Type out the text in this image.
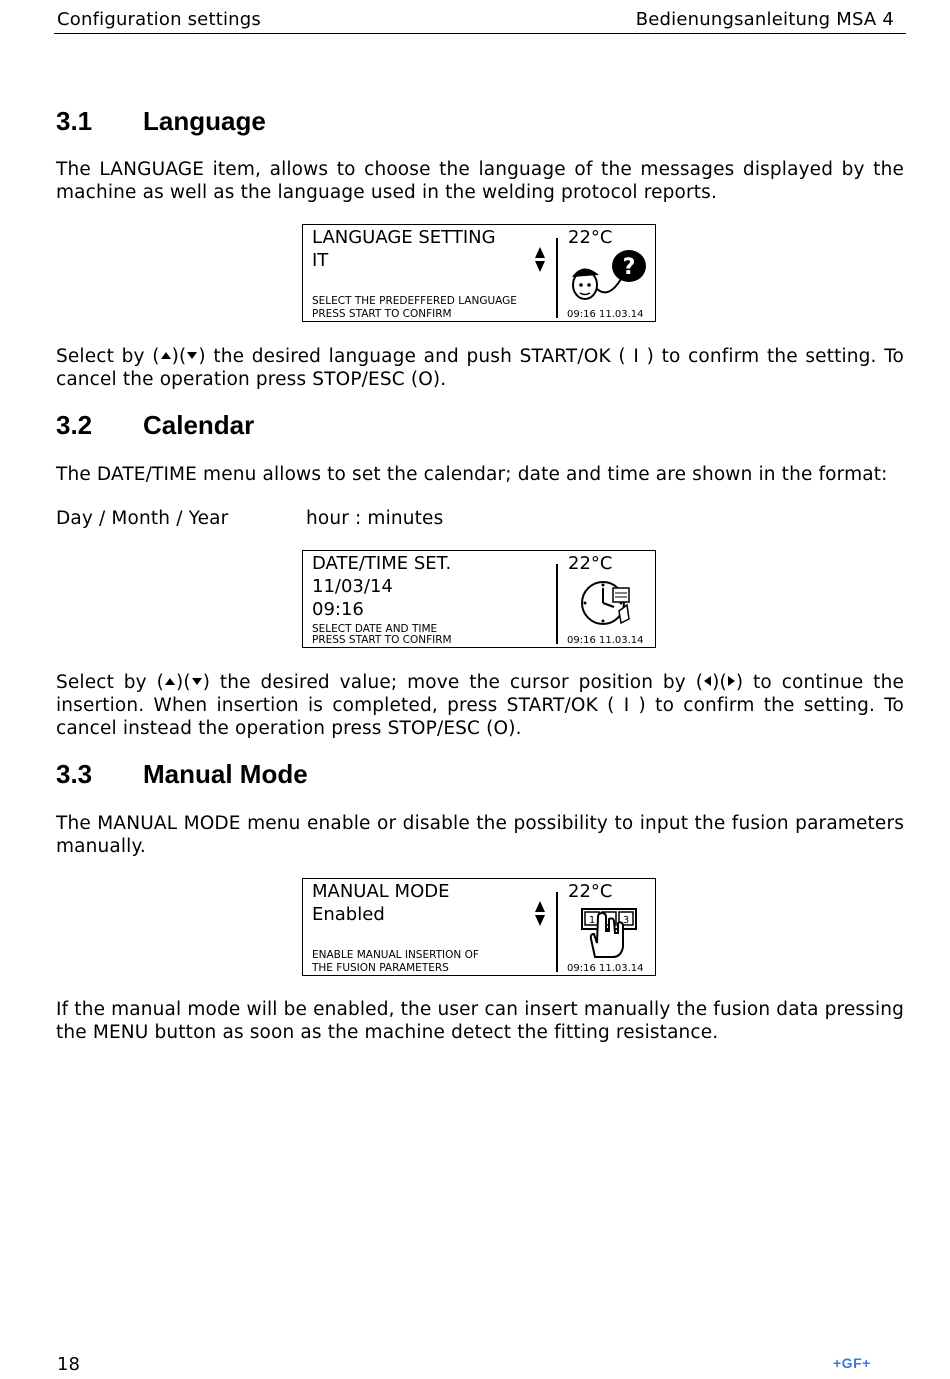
Configuration settings	Bedienungsanleitung MSA 4
3.1 Language
The LANGUAGE item, allows to choose the language of the messages displayed by the machine as well as the language used in the welding protocol reports.
LANGUAGE SETTING
IT
SELECT THE PREDEFFERED LANGUAGE
PRESS START TO CONFIRM
22°C
?
09:16 11.03.14
Select by ( )( ) the desired language and push START/OK ( I ) to confirm the setting. To cancel the operation press STOP/ESC (O).
3.2 Calendar
The DATE/TIME menu allows to set the calendar; date and time are shown in the format:
Day / Month / Year	hour : minutes
DATE/TIME SET.
11/03/14
09:16
SELECT DATE AND TIME
PRESS START TO CONFIRM
22°C
09:16 11.03.14
Select by ( )( ) the desired value; move the cursor position by ( )( ) to continue the insertion. When insertion is completed, press START/OK ( I ) to confirm the setting. To cancel instead the operation press STOP/ESC (O).
3.3 Manual Mode
The MANUAL MODE menu enable or disable the possibility to input the fusion parameters manually.
MANUAL MODE
Enabled
ENABLE MANUAL INSERTION OF
THE FUSION PARAMETERS
22°C
1	3
09:16 11.03.14
If the manual mode will be enabled, the user can insert manually the fusion data pressing the MENU button as soon as the machine detect the fitting resistance.
18	+GF+
